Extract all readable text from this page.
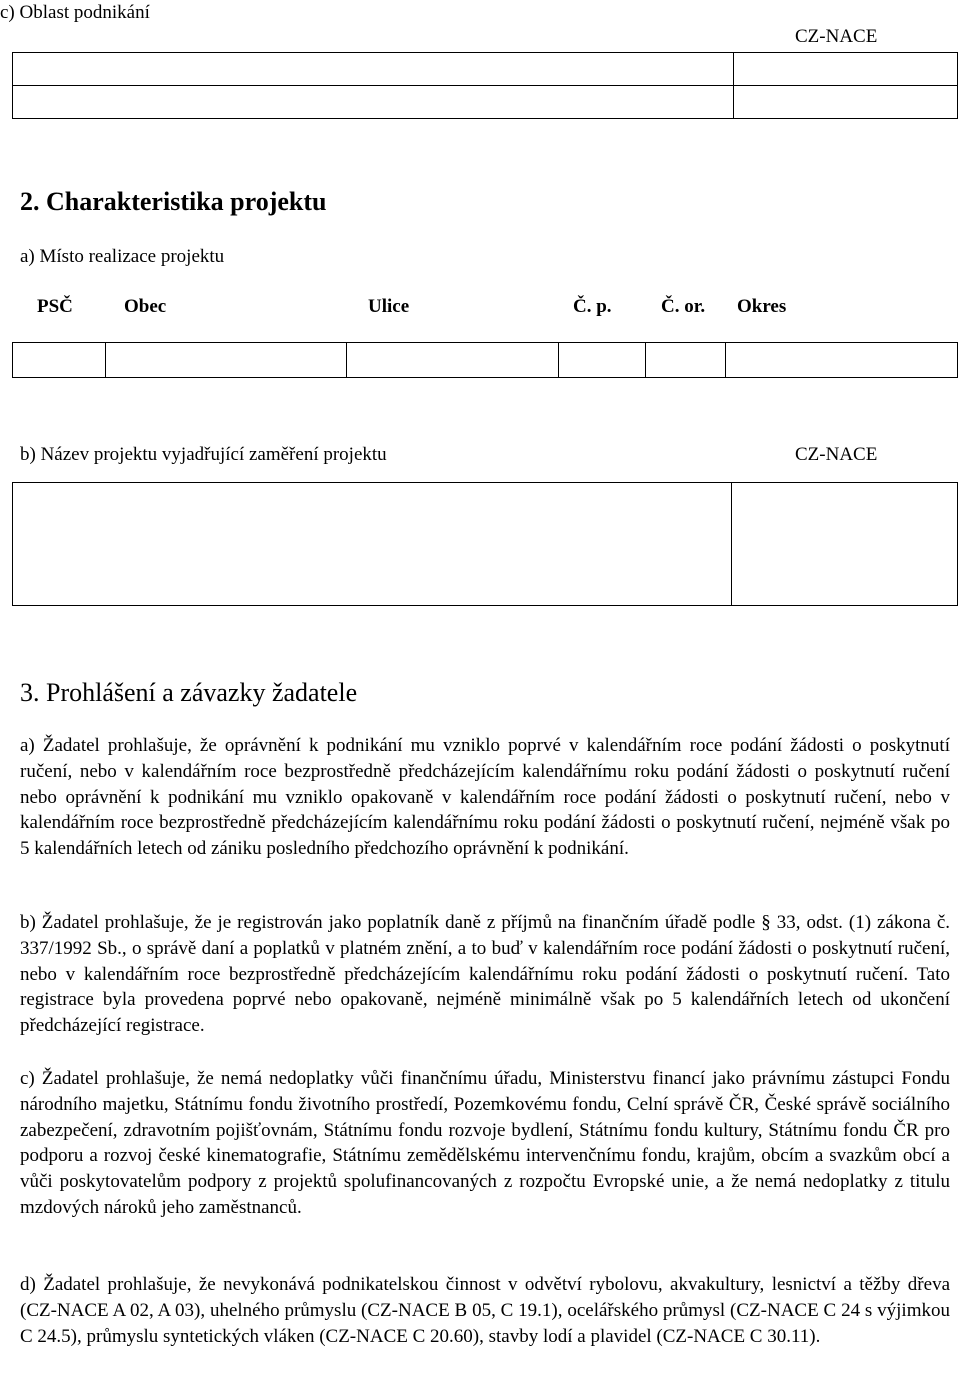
c) Oblast podnikání
CZ-NACE
2. Charakteristika projektu
a) Místo realizace projektu
PSČ	Obec	Ulice	Č. p.	Č. or. Okres
b) Název projektu vyjadřující zaměření projektu	CZ-NACE
3. Prohlášení a závazky žadatele
a) Žadatel prohlašuje, že oprávnění k podnikání mu vzniklo poprvé v kalendářním roce podání žádosti o poskytnutí ručení, nebo v kalendářním roce bezprostředně předcházejícím kalendářnímu roku podání žádosti o poskytnutí ručení nebo oprávnění k podnikání mu vzniklo opakovaně v kalendářním roce podání žádosti o poskytnutí ručení, nebo v kalendářním roce bezprostředně předcházejícím kalendářnímu roku podání žádosti o poskytnutí ručení, nejméně však po 5 kalendářních letech od zániku posledního předchozího oprávnění k podnikání.
b) Žadatel prohlašuje, že je registrován jako poplatník daně z příjmů na finančním úřadě podle § 33, odst. (1) zákona č. 337/1992 Sb., o správě daní a poplatků v platném znění, a to buď v kalendářním roce podání žádosti o poskytnutí ručení, nebo v kalendářním roce bezprostředně předcházejícím kalendářnímu roku podání žádosti o poskytnutí ručení. Tato registrace byla provedena poprvé nebo opakovaně, nejméně minimálně však po 5 kalendářních letech od ukončení předcházející registrace.
c) Žadatel prohlašuje, že nemá nedoplatky vůči finančnímu úřadu, Ministerstvu financí jako právnímu zástupci Fondu národního majetku, Státnímu fondu životního prostředí, Pozemkovému fondu, Celní správě ČR, České správě sociálního zabezpečení, zdravotním pojišťovnám, Státnímu fondu rozvoje bydlení, Státnímu fondu kultury, Státnímu fondu ČR pro podporu a rozvoj české kinematografie, Státnímu zemědělskému intervenčnímu fondu, krajům, obcím a svazkům obcí a vůči poskytovatelům podpory z projektů spolufinancovaných z rozpočtu Evropské unie, a že nemá nedoplatky z titulu mzdových nároků jeho zaměstnanců.
d) Žadatel prohlašuje, že nevykonává podnikatelskou činnost v odvětví rybolovu, akvakultury, lesnictví a těžby dřeva (CZ-NACE A 02, A 03), uhelného průmyslu (CZ-NACE B 05, C 19.1), ocelářského průmysl (CZ-NACE C 24 s výjimkou C 24.5), průmyslu syntetických vláken (CZ-NACE C 20.60), stavby lodí a plavidel (CZ-NACE C 30.11).
